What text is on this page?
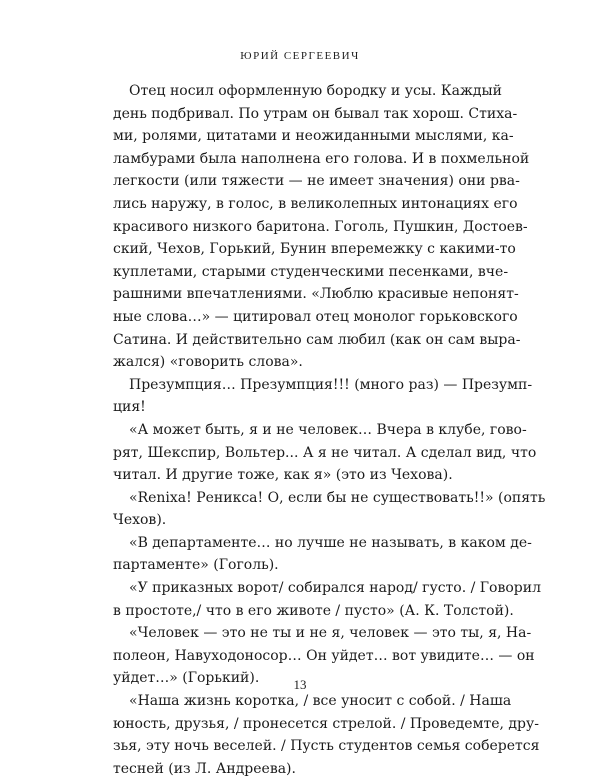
ЮРИЙ СЕРГЕЕВИЧ
Отец носил оформленную бородку и усы. Каждый
день подбривал. По утрам он бывал так хорош. Стиха-
ми, ролями, цитатами и неожиданными мыслями, ка-
ламбурами была наполнена его голова. И в похмельной
легкости (или тяжести — не имеет значения) они рва-
лись наружу, в голос, в великолепных интонациях его
красивого низкого баритона. Гоголь, Пушкин, Достоев-
ский, Чехов, Горький, Бунин вперемежку с какими-то
куплетами, старыми студенческими песенками, вче-
рашними впечатлениями. «Люблю красивые непонят-
ные слова…» — цитировал отец монолог горьковского
Сатина. И действительно сам любил (как он сам выра-
жался) «говорить слова».
Презумпция… Презумпция!!! (много раз) — Презумп-
ция!
«А может быть, я и не человек… Вчера в клубе, гово-
рят, Шекспир, Вольтер... А я не читал. А сделал вид, что
читал. И другие тоже, как я» (это из Чехова).
«Reniха! Реникса! О, если бы не существовать!!» (опять
Чехов).
«В департаменте… но лучше не называть, в каком де-
партаменте» (Гоголь).
«У приказных ворот/ собирался народ/ густо. / Говорил
в простоте,/ что в его животе / пусто» (А. К. Толстой).
«Человек — это не ты и не я, человек — это ты, я, На-
полеон, Навуходоносор… Он уйдет… вот увидите… — он
уйдет…» (Горький).
«Наша жизнь коротка, / все уносит с собой. / Наша
юность, друзья, / пронесется стрелой. / Проведемте, дру-
зья, эту ночь веселей. / Пусть студентов семья соберется
тесней (из Л. Андреева).
13
